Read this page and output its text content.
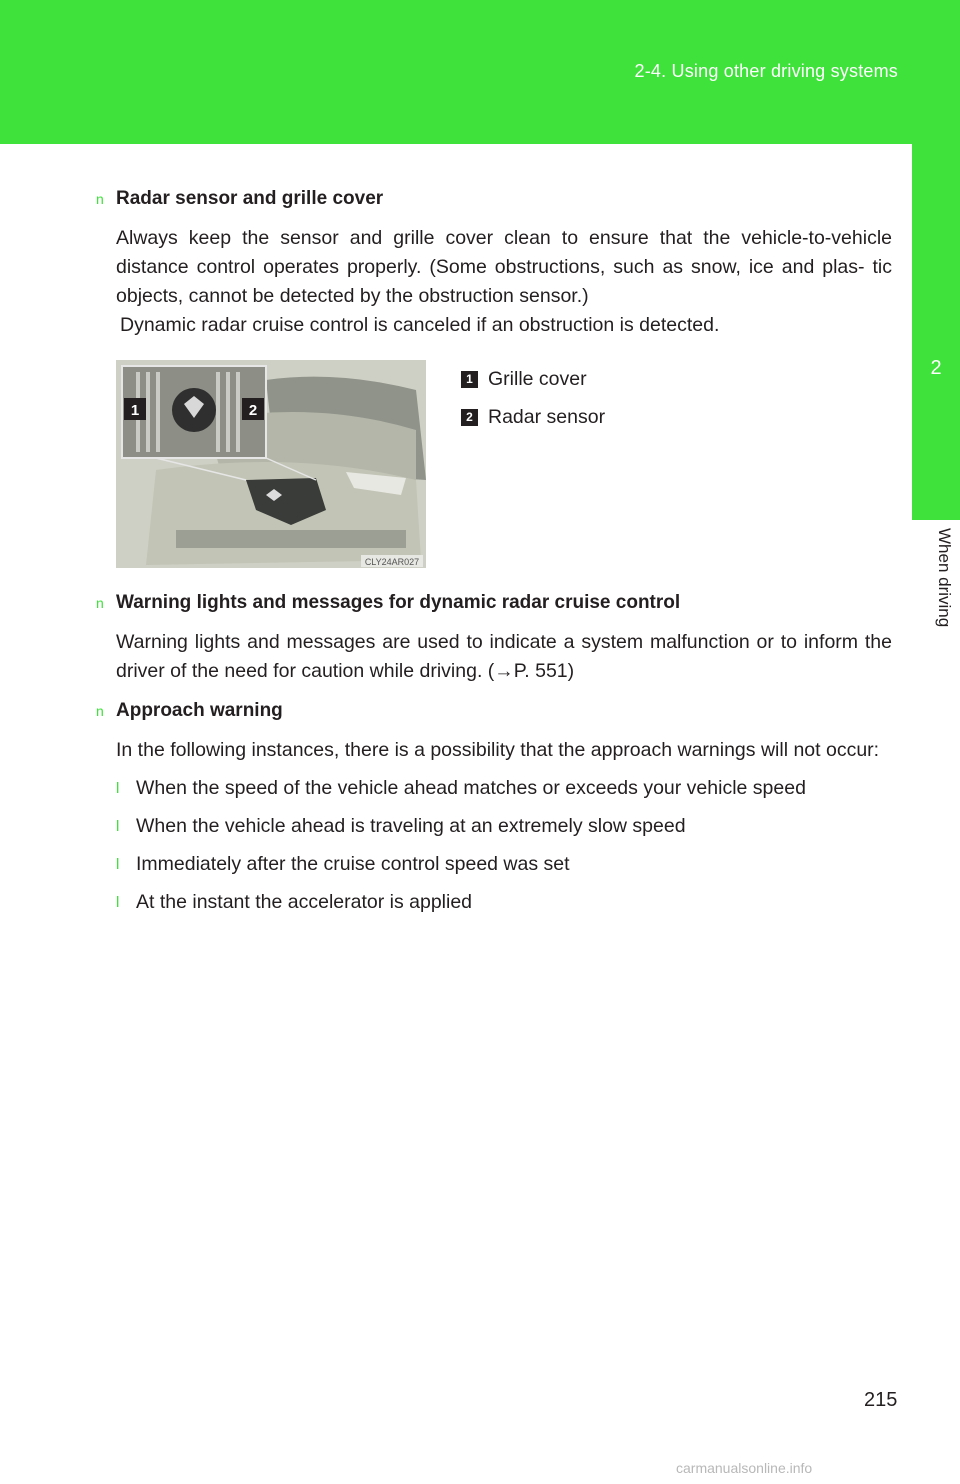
2-4. Using other driving systems
2
When driving
n Radar sensor and grille cover

Always keep the sensor and grille cover clean to ensure that the vehicle-to-vehicle distance control operates properly. (Some obstructions, such as snow, ice and plas- tic objects, cannot be detected by the obstruction sensor.)

Dynamic radar cruise control is canceled if an obstruction is detected.

1	2
CLY24AR027
1 Grille cover
2 Radar sensor
n Warning lights and messages for dynamic radar cruise control

Warning lights and messages are used to indicate a system malfunction or to inform the driver of the need for caution while driving. (→P. 551)

n Approach warning

In the following instances, there is a possibility that the approach warnings will not occur:

l When the speed of the vehicle ahead matches or exceeds your vehicle speed
l When the vehicle ahead is traveling at an extremely slow speed
l Immediately after the cruise control speed was set
l At the instant the accelerator is applied
215
carmanualsonline.info
